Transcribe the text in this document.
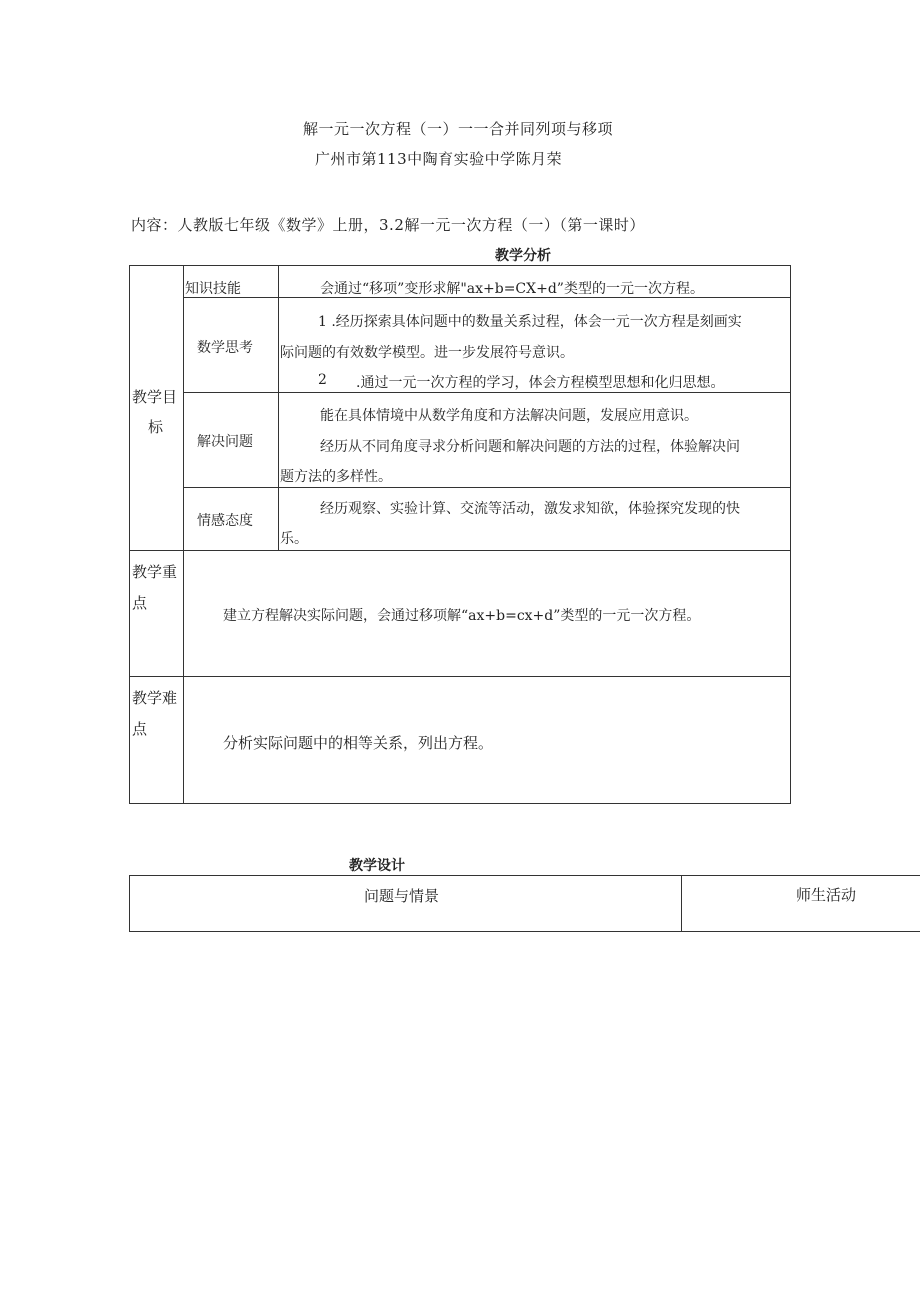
解一元一次方程（一）一一合并同列项与移项
广州市第113中陶育实验中学陈月荣
内容：人教版七年级《数学》上册，3.2解一元一次方程（一）（第一课时）
教学分析
教学目
标
知识技能	会通过“移项”变形求解"ax+b=CX+d”类型的一元一次方程。
数学思考
1 .经历探索具体问题中的数量关系过程，体会一元一次方程是刻画实
际问题的有效数学模型。进一步发展符号意识。
2 .通过一元一次方程的学习，体会方程模型思想和化归思想。
解决问题
能在具体情境中从数学角度和方法解决问题，发展应用意识。
经历从不同角度寻求分析问题和解决问题的方法的过程，体验解决问
题方法的多样性。
情感态度
经历观察、实验计算、交流等活动，激发求知欲，体验探究发现的快
乐。
教学重
点
建立方程解决实际问题，会通过移项解“ax+b=cx+d”类型的一元一次方程。
教学难
点
分析实际问题中的相等关系，列出方程。
教学设计
问题与情景	师生活动
